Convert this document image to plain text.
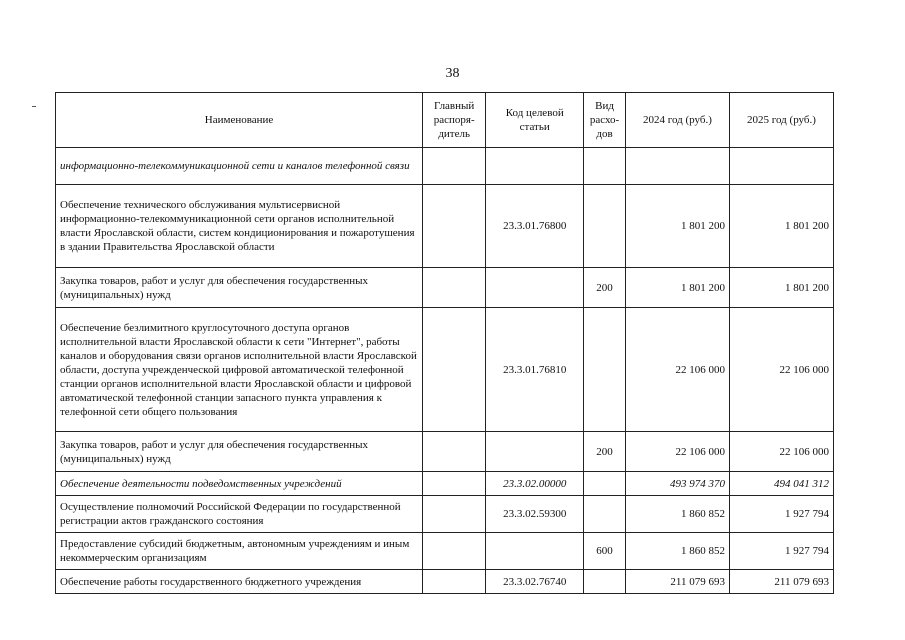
38
Наименование	Главный распоря-дитель	Код целевой статьи	Вид расхо-дов	2024 год (руб.)	2025 год (руб.)
информационно-телекоммуникационной сети и каналов телефонной связи					
Обеспечение технического обслуживания мультисервисной информационно-телекоммуникационной сети органов исполнительной власти Ярославской области, систем кондиционирования и пожаротушения в здании Правительства Ярославской области		23.3.01.76800		1 801 200	1 801 200
Закупка товаров, работ и услуг для обеспечения государственных (муниципальных) нужд			200	1 801 200	1 801 200
Обеспечение безлимитного круглосуточного доступа органов исполнительной власти Ярославской области к сети "Интернет", работы каналов и оборудования связи органов исполнительной власти Ярославской области, доступа учрежденческой цифровой автоматической телефонной станции органов исполнительной власти Ярославской области и цифровой автоматической телефонной станции запасного пункта управления к телефонной сети общего пользования		23.3.01.76810		22 106 000	22 106 000
Закупка товаров, работ и услуг для обеспечения государственных (муниципальных) нужд			200	22 106 000	22 106 000
Обеспечение деятельности подведомственных учреждений		23.3.02.00000		493 974 370	494 041 312
Осуществление полномочий Российской Федерации по государственной регистрации актов гражданского состояния		23.3.02.59300		1 860 852	1 927 794
Предоставление субсидий бюджетным, автономным учреждениям и иным некоммерческим организациям			600	1 860 852	1 927 794
Обеспечение работы государственного бюджетного учреждения		23.3.02.76740		211 079 693	211 079 693
